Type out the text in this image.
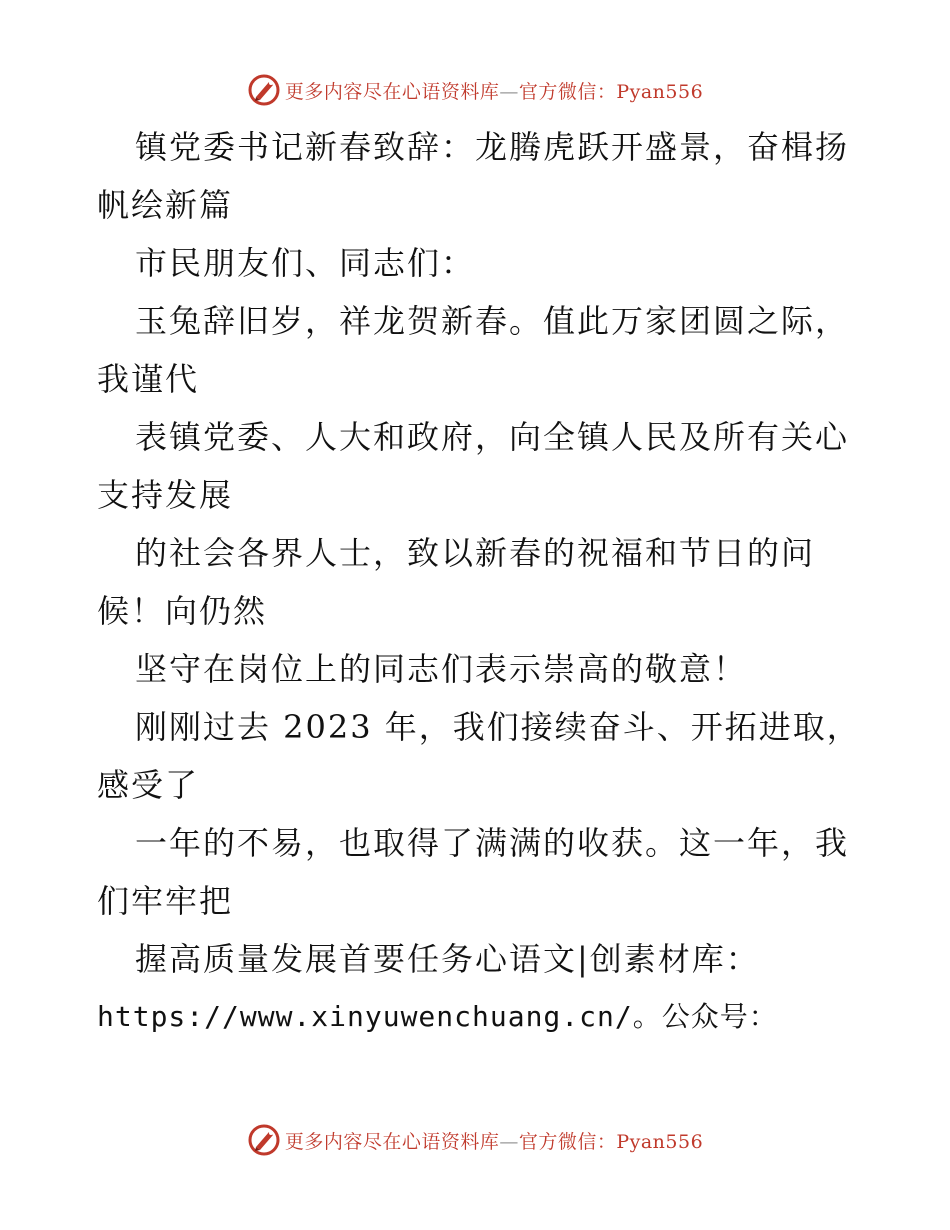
更多内容尽在心语资料库—官方微信：Pyan556
镇党委书记新春致辞：龙腾虎跃开盛景，奋楫扬
帆绘新篇
市民朋友们、同志们：
玉兔辞旧岁，祥龙贺新春。值此万家团圆之际，
我谨代
表镇党委、人大和政府，向全镇人民及所有关心
支持发展
的社会各界人士，致以新春的祝福和节日的问
候！向仍然
坚守在岗位上的同志们表示崇高的敬意！
刚刚过去 2023 年，我们接续奋斗、开拓进取，
感受了
一年的不易，也取得了满满的收获。这一年，我
们牢牢把
握高质量发展首要任务心语文|创素材库：
https://www.xinyuwenchuang.cn/。公众号：
更多内容尽在心语资料库—官方微信：Pyan556
